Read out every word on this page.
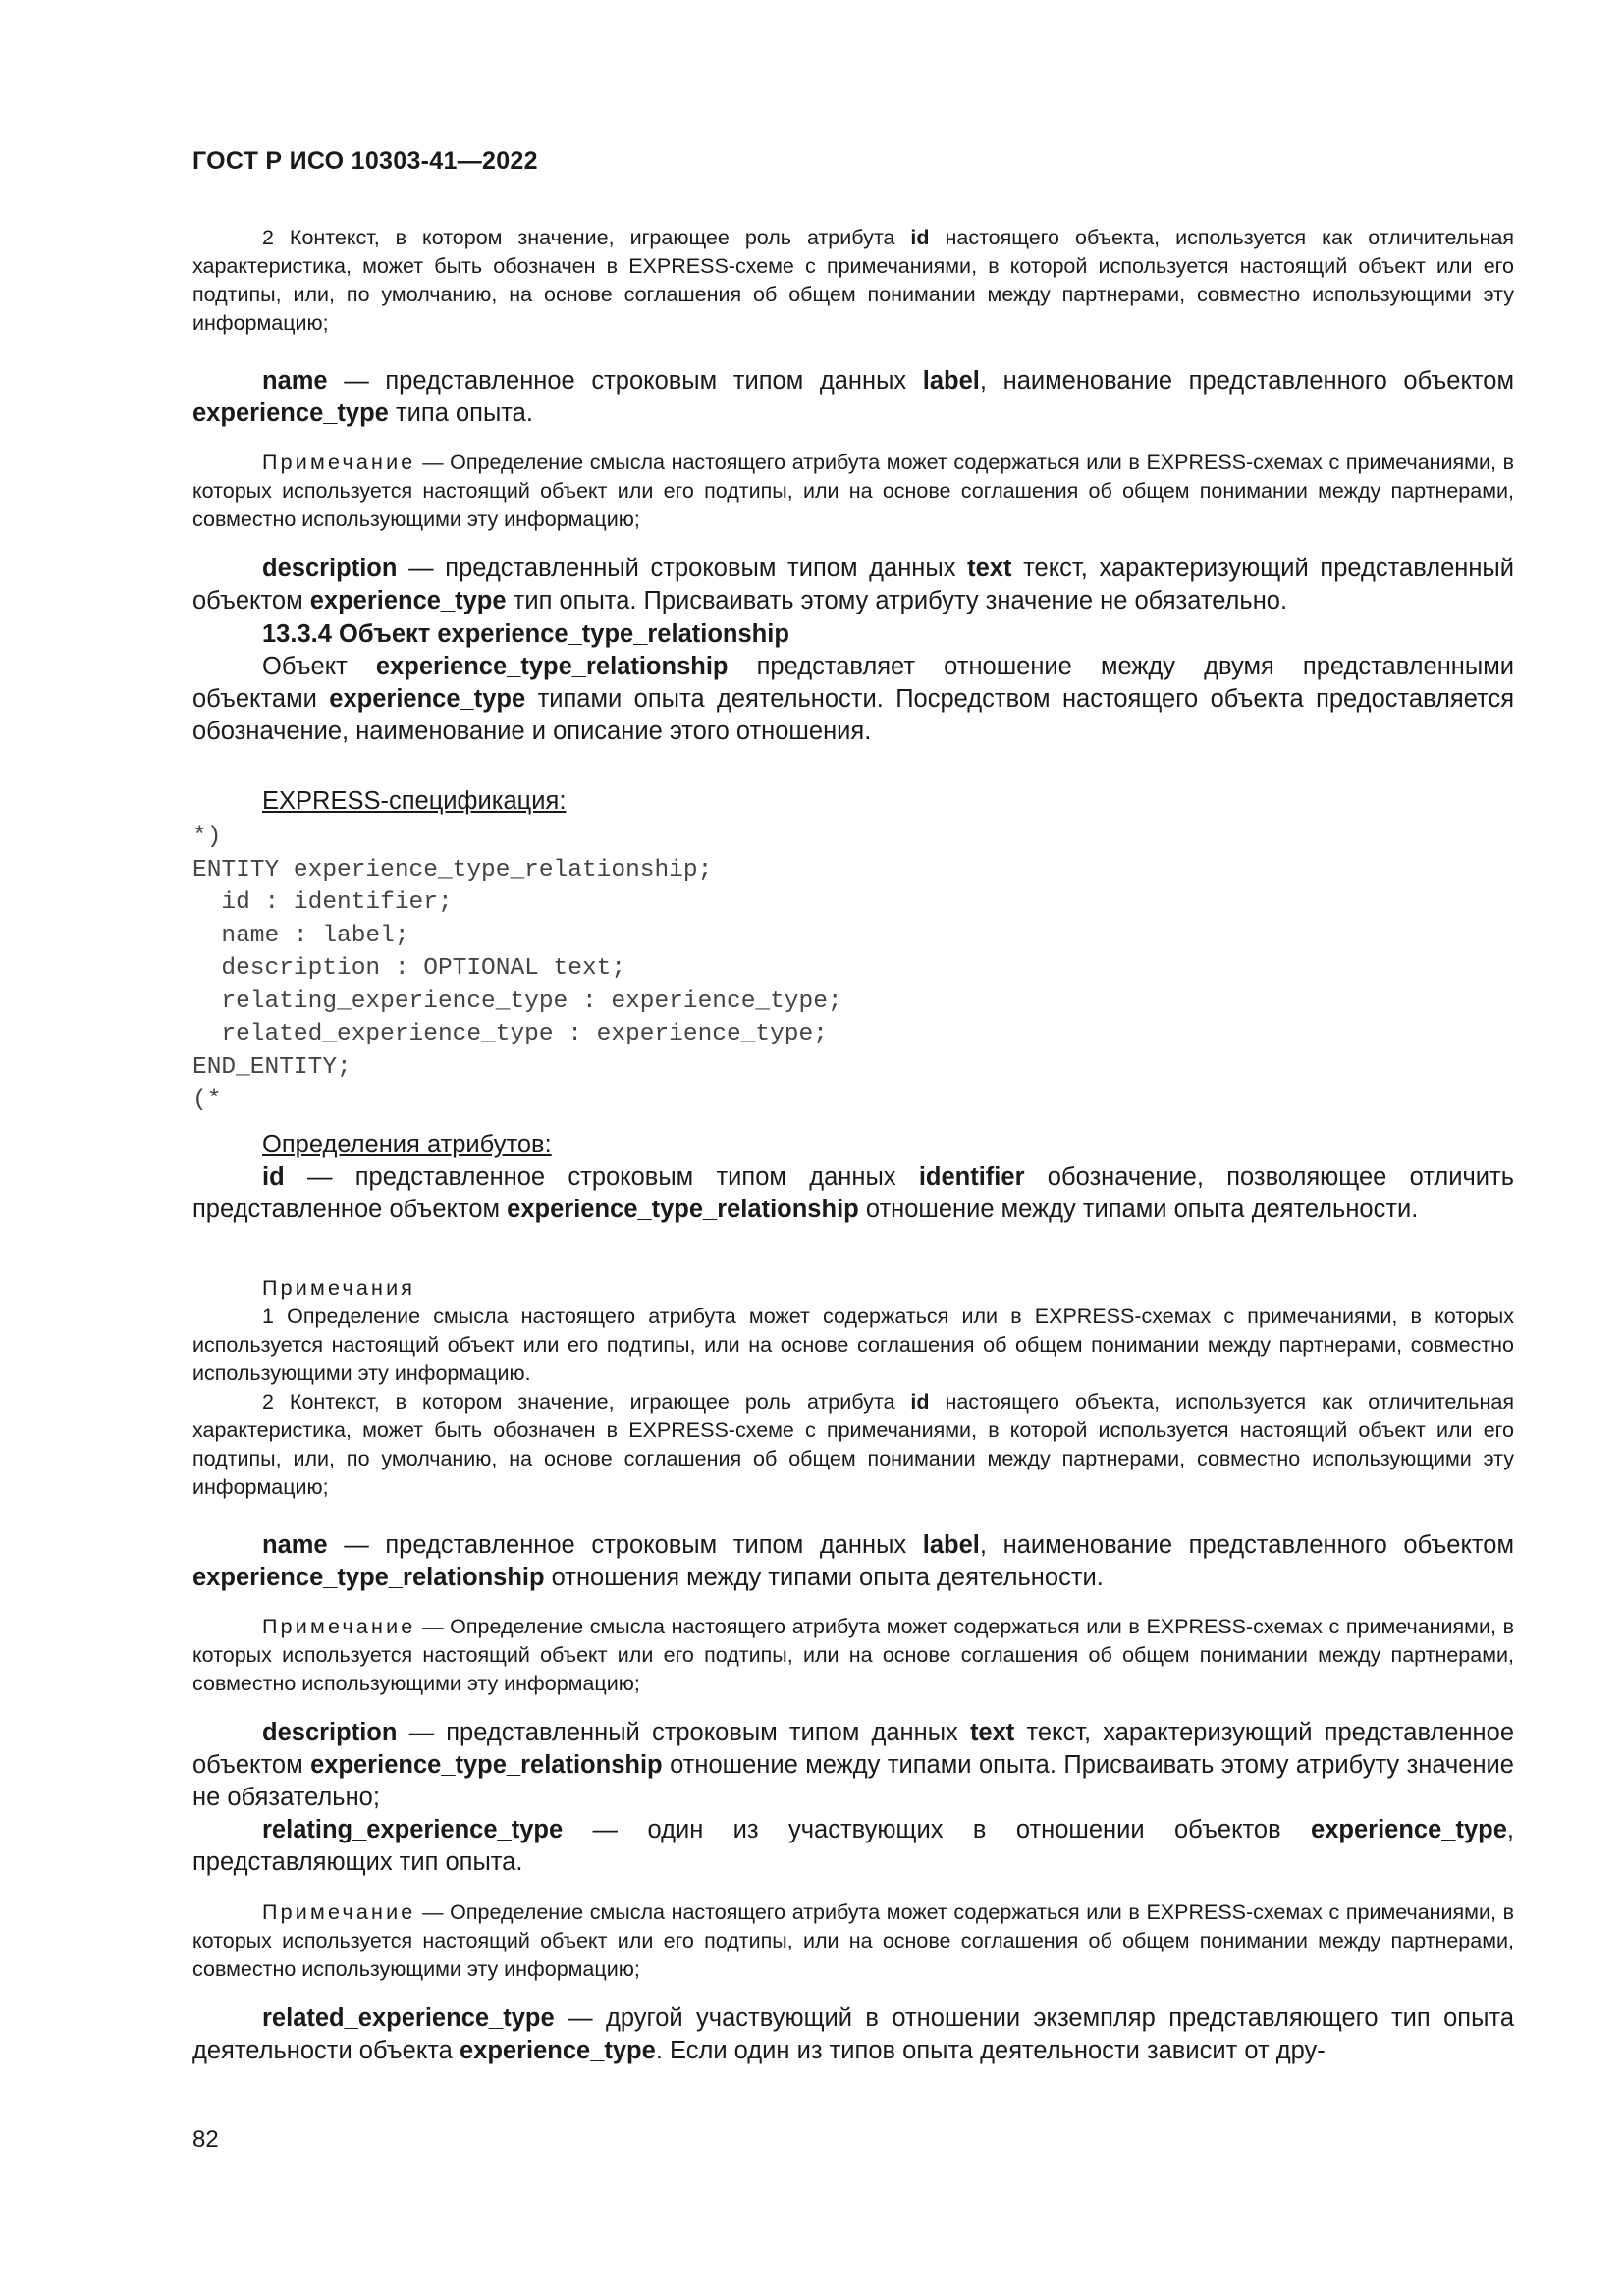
ГОСТ Р ИСО 10303-41—2022

2 Контекст, в котором значение, играющее роль атрибута id настоящего объекта, используется как отличительная характеристика, может быть обозначен в EXPRESS-схеме с примечаниями, в которой используется настоящий объект или его подтипы, или, по умолчанию, на основе соглашения об общем понимании между партнерами, совместно использующими эту информацию;

name — представленное строковым типом данных label, наименование представленного объектом experience_type типа опыта.

Примечание — Определение смысла настоящего атрибута может содержаться или в EXPRESS-схемах с примечаниями, в которых используется настоящий объект или его подтипы, или на основе соглашения об общем понимании между партнерами, совместно использующими эту информацию;

description — представленный строковым типом данных text текст, характеризующий представленный объектом experience_type тип опыта. Присваивать этому атрибуту значение не обязательно.

13.3.4 Объект experience_type_relationship

Объект experience_type_relationship представляет отношение между двумя представленными объектами experience_type типами опыта деятельности. Посредством настоящего объекта предоставляется обозначение, наименование и описание этого отношения.

EXPRESS-спецификация:

*)
ENTITY experience_type_relationship;
id : identifier;
name : label;
description : OPTIONAL text;
relating_experience_type : experience_type;
related_experience_type : experience_type;
END_ENTITY;
(*

Определения атрибутов:

id — представленное строковым типом данных identifier обозначение, позволяющее отличить представленное объектом experience_type_relationship отношение между типами опыта деятельности.

Примечания

1 Определение смысла настоящего атрибута может содержаться или в EXPRESS-схемах с примечаниями, в которых используется настоящий объект или его подтипы, или на основе соглашения об общем понимании между партнерами, совместно использующими эту информацию.

2 Контекст, в котором значение, играющее роль атрибута id настоящего объекта, используется как отличительная характеристика, может быть обозначен в EXPRESS-схеме с примечаниями, в которой используется настоящий объект или его подтипы, или, по умолчанию, на основе соглашения об общем понимании между партнерами, совместно использующими эту информацию;

name — представленное строковым типом данных label, наименование представленного объектом experience_type_relationship отношения между типами опыта деятельности.

Примечание — Определение смысла настоящего атрибута может содержаться или в EXPRESS-схемах с примечаниями, в которых используется настоящий объект или его подтипы, или на основе соглашения об общем понимании между партнерами, совместно использующими эту информацию;

description — представленный строковым типом данных text текст, характеризующий представленное объектом experience_type_relationship отношение между типами опыта. Присваивать этому атрибуту значение не обязательно;

relating_experience_type — один из участвующих в отношении объектов experience_type, представляющих тип опыта.

Примечание — Определение смысла настоящего атрибута может содержаться или в EXPRESS-схемах с примечаниями, в которых используется настоящий объект или его подтипы, или на основе соглашения об общем понимании между партнерами, совместно использующими эту информацию;

related_experience_type — другой участвующий в отношении экземпляр представляющего тип опыта деятельности объекта experience_type. Если один из типов опыта деятельности зависит от дру-

82
